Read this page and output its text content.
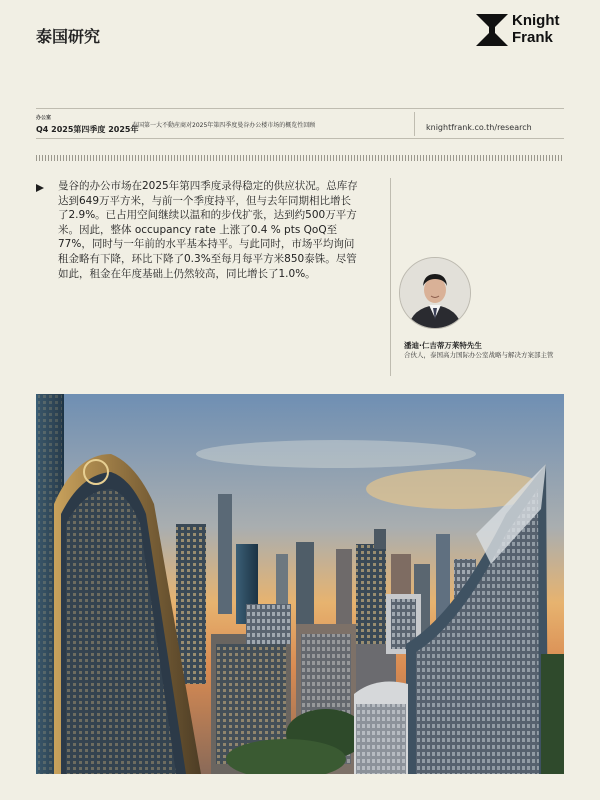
泰国研究
Knight
Frank
办公室
Q4 2025第四季度 2025年
泰国第一大不動産商对2025年第四季度曼谷办公楼市场的概览性回顾	knightfrank.co.th/research
曼谷的办公市场在2025年第四季度录得稳定的供应状况。总库存达到649万平方米，与前一个季度持平，但与去年同期相比增长了2.9%。已占用空间继续以温和的步伐扩张，达到约500万平方米。因此，整体 occupancy rate 上涨了0.4 % pts QoQ至77%，同时与一年前的水平基本持平。与此同时，市场平均询问租金略有下降，环比下降了0.3%至每月每平方米850泰铢。尽管如此，租金在年度基础上仍然较高，同比增长了1.0%。
潘迪·仁吉蒂万莱特先生
合伙人，泰国高力国际办公室战略与解决方案部主管
